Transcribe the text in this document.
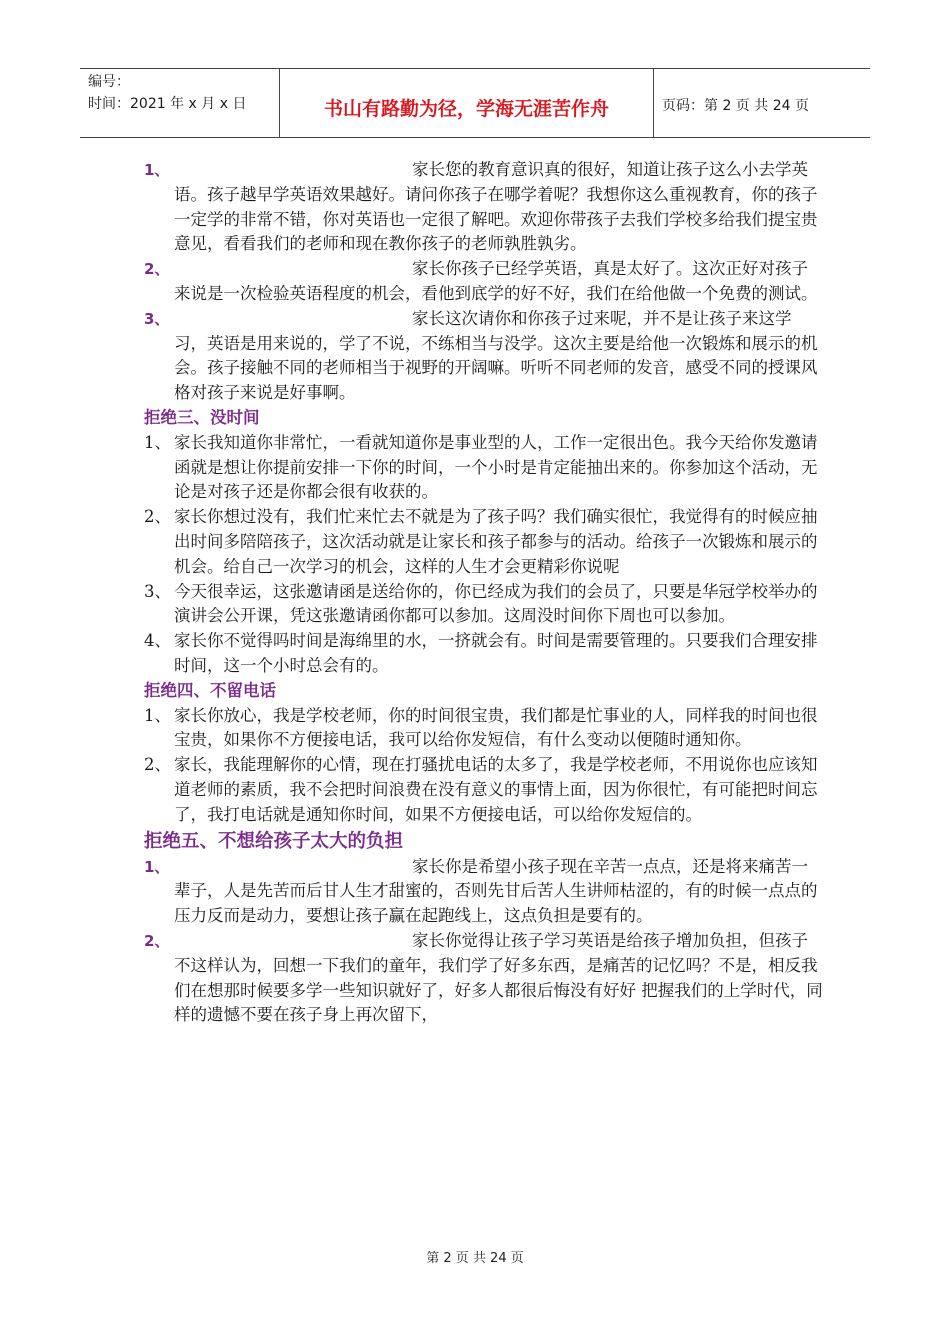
编号：
时间：2021 年 x 月 x 日	书山有路勤为径，学海无涯苦作舟	页码：第 2 页 共 24 页
1、	家长您的教育意识真的很好，知道让孩子这么小去学英语。孩子越早学英语效果越好。请问你孩子在哪学着呢？我想你这么重视教育，你的孩子一定学的非常不错，你对英语也一定很了解吧。欢迎你带孩子去我们学校多给我们提宝贵意见，看看我们的老师和现在教你孩子的老师孰胜孰劣。
2、	家长你孩子已经学英语，真是太好了。这次正好对孩子来说是一次检验英语程度的机会，看他到底学的好不好，我们在给他做一个免费的测试。
3、	家长这次请你和你孩子过来呢，并不是让孩子来这学习，英语是用来说的，学了不说，不练相当与没学。这次主要是给他一次锻炼和展示的机会。孩子接触不同的老师相当于视野的开阔嘛。听听不同老师的发音，感受不同的授课风格对孩子来说是好事啊。
拒绝三、没时间
1、 家长我知道你非常忙，一看就知道你是事业型的人，工作一定很出色。我今天给你发邀请函就是想让你提前安排一下你的时间，一个小时是肯定能抽出来的。你参加这个活动，无论是对孩子还是你都会很有收获的。
2、 家长你想过没有，我们忙来忙去不就是为了孩子吗？我们确实很忙，我觉得有的时候应抽出时间多陪陪孩子，这次活动就是让家长和孩子都参与的活动。给孩子一次锻炼和展示的机会。给自己一次学习的机会，这样的人生才会更精彩你说呢
3、 今天很幸运，这张邀请函是送给你的，你已经成为我们的会员了，只要是华冠学校举办的演讲会公开课，凭这张邀请函你都可以参加。这周没时间你下周也可以参加。
4、 家长你不觉得吗时间是海绵里的水，一挤就会有。时间是需要管理的。只要我们合理安排时间，这一个小时总会有的。
拒绝四、不留电话
1、 家长你放心，我是学校老师，你的时间很宝贵，我们都是忙事业的人，同样我的时间也很宝贵，如果你不方便接电话，我可以给你发短信，有什么变动以便随时通知你。
2、 家长，我能理解你的心情，现在打骚扰电话的太多了，我是学校老师，不用说你也应该知道老师的素质，我不会把时间浪费在没有意义的事情上面，因为你很忙，有可能把时间忘了，我打电话就是通知你时间，如果不方便接电话，可以给你发短信的。
拒绝五、不想给孩子太大的负担
1、	家长你是希望小孩子现在辛苦一点点，还是将来痛苦一辈子，人是先苦而后甘人生才甜蜜的，否则先甘后苦人生讲师枯涩的，有的时候一点点的压力反而是动力，要想让孩子赢在起跑线上，这点负担是要有的。
2、	家长你觉得让孩子学习英语是给孩子增加负担，但孩子不这样认为，回想一下我们的童年，我们学了好多东西，是痛苦的记忆吗？不是，相反我们在想那时候要多学一些知识就好了，好多人都很后悔没有好好 把握我们的上学时代，同样的遗憾不要在孩子身上再次留下，
第 2 页 共 24 页
